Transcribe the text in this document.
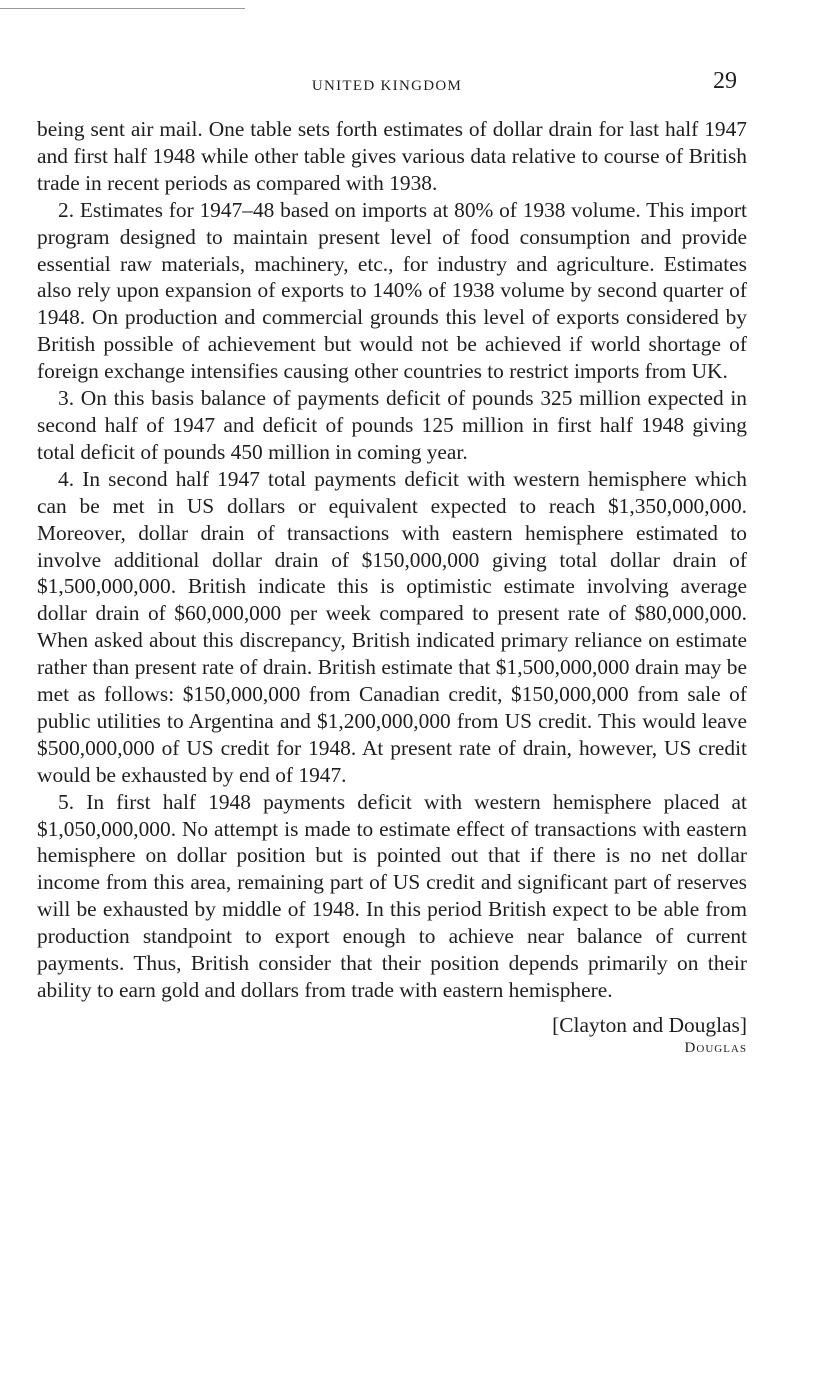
UNITED KINGDOM	29

being sent air mail. One table sets forth estimates of dollar drain for last half 1947 and first half 1948 while other table gives various data relative to course of British trade in recent periods as compared with 1938.

2. Estimates for 1947–48 based on imports at 80% of 1938 volume. This import program designed to maintain present level of food consumption and provide essential raw materials, machinery, etc., for industry and agriculture. Estimates also rely upon expansion of exports to 140% of 1938 volume by second quarter of 1948. On production and commercial grounds this level of exports considered by British possible of achievement but would not be achieved if world shortage of foreign exchange intensifies causing other countries to restrict imports from UK.

3. On this basis balance of payments deficit of pounds 325 million expected in second half of 1947 and deficit of pounds 125 million in first half 1948 giving total deficit of pounds 450 million in coming year.

4. In second half 1947 total payments deficit with western hemisphere which can be met in US dollars or equivalent expected to reach $1,350,000,000. Moreover, dollar drain of transactions with eastern hemisphere estimated to involve additional dollar drain of $150,000,000 giving total dollar drain of $1,500,000,000. British indicate this is optimistic estimate involving average dollar drain of $60,000,000 per week compared to present rate of $80,000,000. When asked about this discrepancy, British indicated primary reliance on estimate rather than present rate of drain. British estimate that $1,500,000,000 drain may be met as follows: $150,000,000 from Canadian credit, $150,000,000 from sale of public utilities to Argentina and $1,200,000,000 from US credit. This would leave $500,000,000 of US credit for 1948. At present rate of drain, however, US credit would be exhausted by end of 1947.

5. In first half 1948 payments deficit with western hemisphere placed at $1,050,000,000. No attempt is made to estimate effect of transactions with eastern hemisphere on dollar position but is pointed out that if there is no net dollar income from this area, remaining part of US credit and significant part of reserves will be exhausted by middle of 1948. In this period British expect to be able from production standpoint to export enough to achieve near balance of current payments. Thus, British consider that their position depends primarily on their ability to earn gold and dollars from trade with eastern hemisphere.

[Clayton and Douglas]
Douglas
